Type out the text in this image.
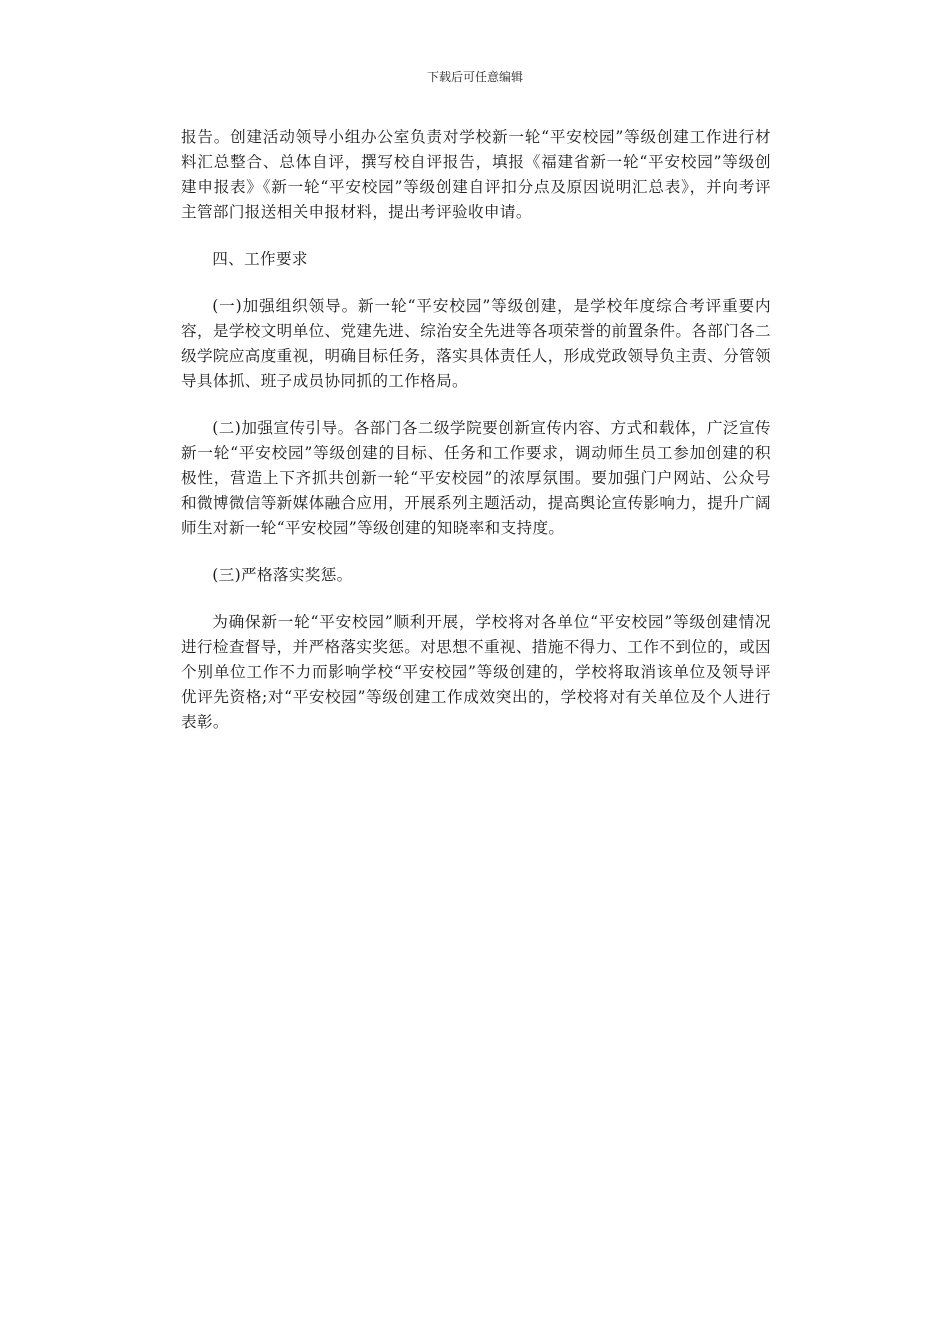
下载后可任意编辑

报告。创建活动领导小组办公室负责对学校新一轮“平安校园”等级创建工作进行材料汇总整合、总体自评，撰写校自评报告，填报《福建省新一轮“平安校园”等级创建申报表》《新一轮“平安校园”等级创建自评扣分点及原因说明汇总表》，并向考评主管部门报送相关申报材料，提出考评验收申请。

四、工作要求

(一)加强组织领导。新一轮“平安校园”等级创建，是学校年度综合考评重要内容，是学校文明单位、党建先进、综治安全先进等各项荣誉的前置条件。各部门各二级学院应高度重视，明确目标任务，落实具体责任人，形成党政领导负主责、分管领导具体抓、班子成员协同抓的工作格局。

(二)加强宣传引导。各部门各二级学院要创新宣传内容、方式和载体，广泛宣传新一轮“平安校园”等级创建的目标、任务和工作要求，调动师生员工参加创建的积极性，营造上下齐抓共创新一轮“平安校园”的浓厚氛围。要加强门户网站、公众号和微博微信等新媒体融合应用，开展系列主题活动，提高舆论宣传影响力，提升广阔师生对新一轮“平安校园”等级创建的知晓率和支持度。

(三)严格落实奖惩。

为确保新一轮“平安校园”顺利开展，学校将对各单位“平安校园”等级创建情况进行检查督导，并严格落实奖惩。对思想不重视、措施不得力、工作不到位的，或因个别单位工作不力而影响学校“平安校园”等级创建的，学校将取消该单位及领导评优评先资格;对“平安校园”等级创建工作成效突出的，学校将对有关单位及个人进行表彰。
